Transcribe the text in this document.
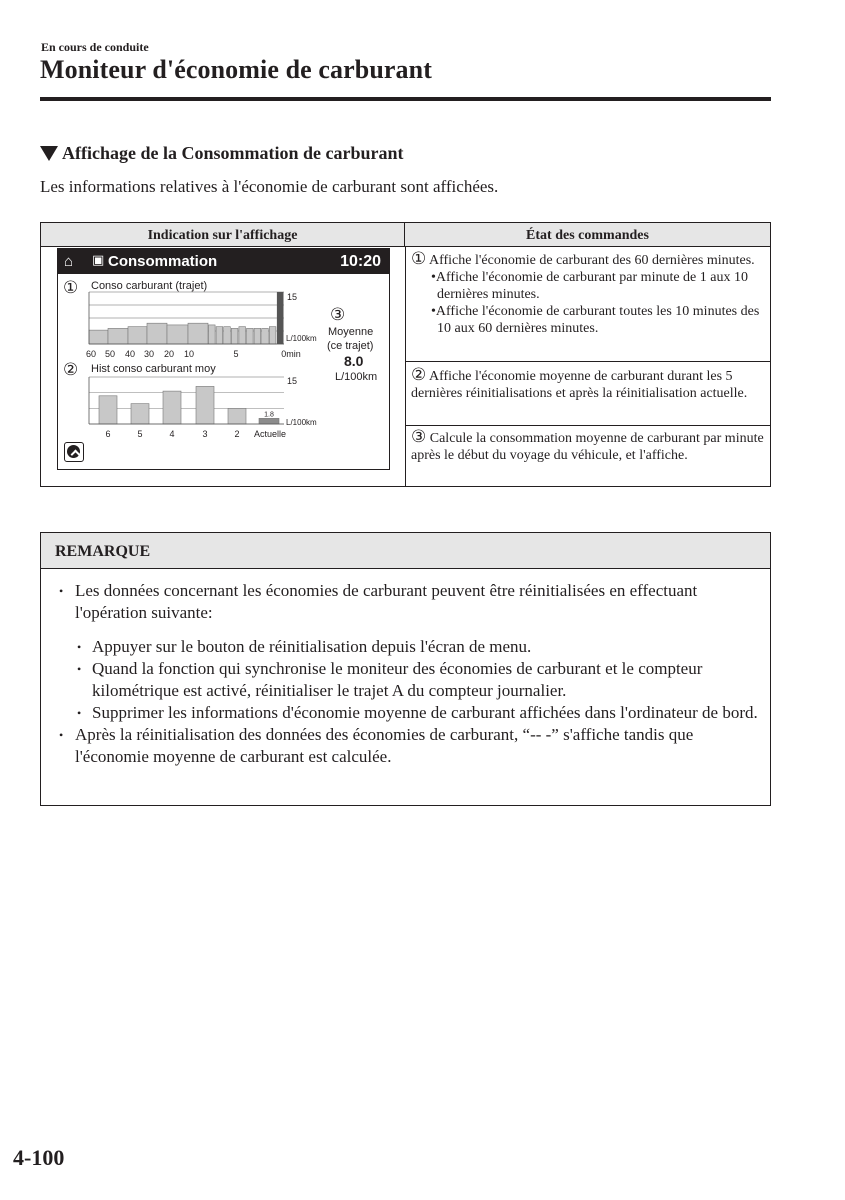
En cours de conduite
Moniteur d'économie de carburant
Affichage de la Consommation de carburant
Les informations relatives à l'économie de carburant sont affichées.
Indication sur l'affichage	État des commandes
⌂ ▣ Consommation	10:20
① Conso carburant (trajet)
② Hist conso carburant moy
③
Moyenne
(ce trajet)
8.0
L/100km
15
L/100km
60 50 40 30 20 10	5	0min
1.8
15
L/100km
6	5	4	3	2 Actuelle
① Affiche l'économie de carburant des 60 dernières minutes.
•Affiche l'économie de carburant par minute de 1 aux 10 dernières minutes.
•Affiche l'économie de carburant toutes les 10 minutes des 10 aux 60 dernières minutes.
② Affiche l'économie moyenne de carburant durant les 5 dernières réinitialisations et après la réinitialisation actuelle.
③ Calcule la consommation moyenne de carburant par minute après le début du voyage du véhicule, et l'affiche.
REMARQUE
• Les données concernant les économies de carburant peuvent être réinitialisées en effectuant l'opération suivante:
• Appuyer sur le bouton de réinitialisation depuis l'écran de menu.
• Quand la fonction qui synchronise le moniteur des économies de carburant et le compteur kilométrique est activé, réinitialiser le trajet A du compteur journalier.
• Supprimer les informations d'économie moyenne de carburant affichées dans l'ordinateur de bord.
• Après la réinitialisation des données des économies de carburant, “-- -” s'affiche tandis que l'économie moyenne de carburant est calculée.
4-100
